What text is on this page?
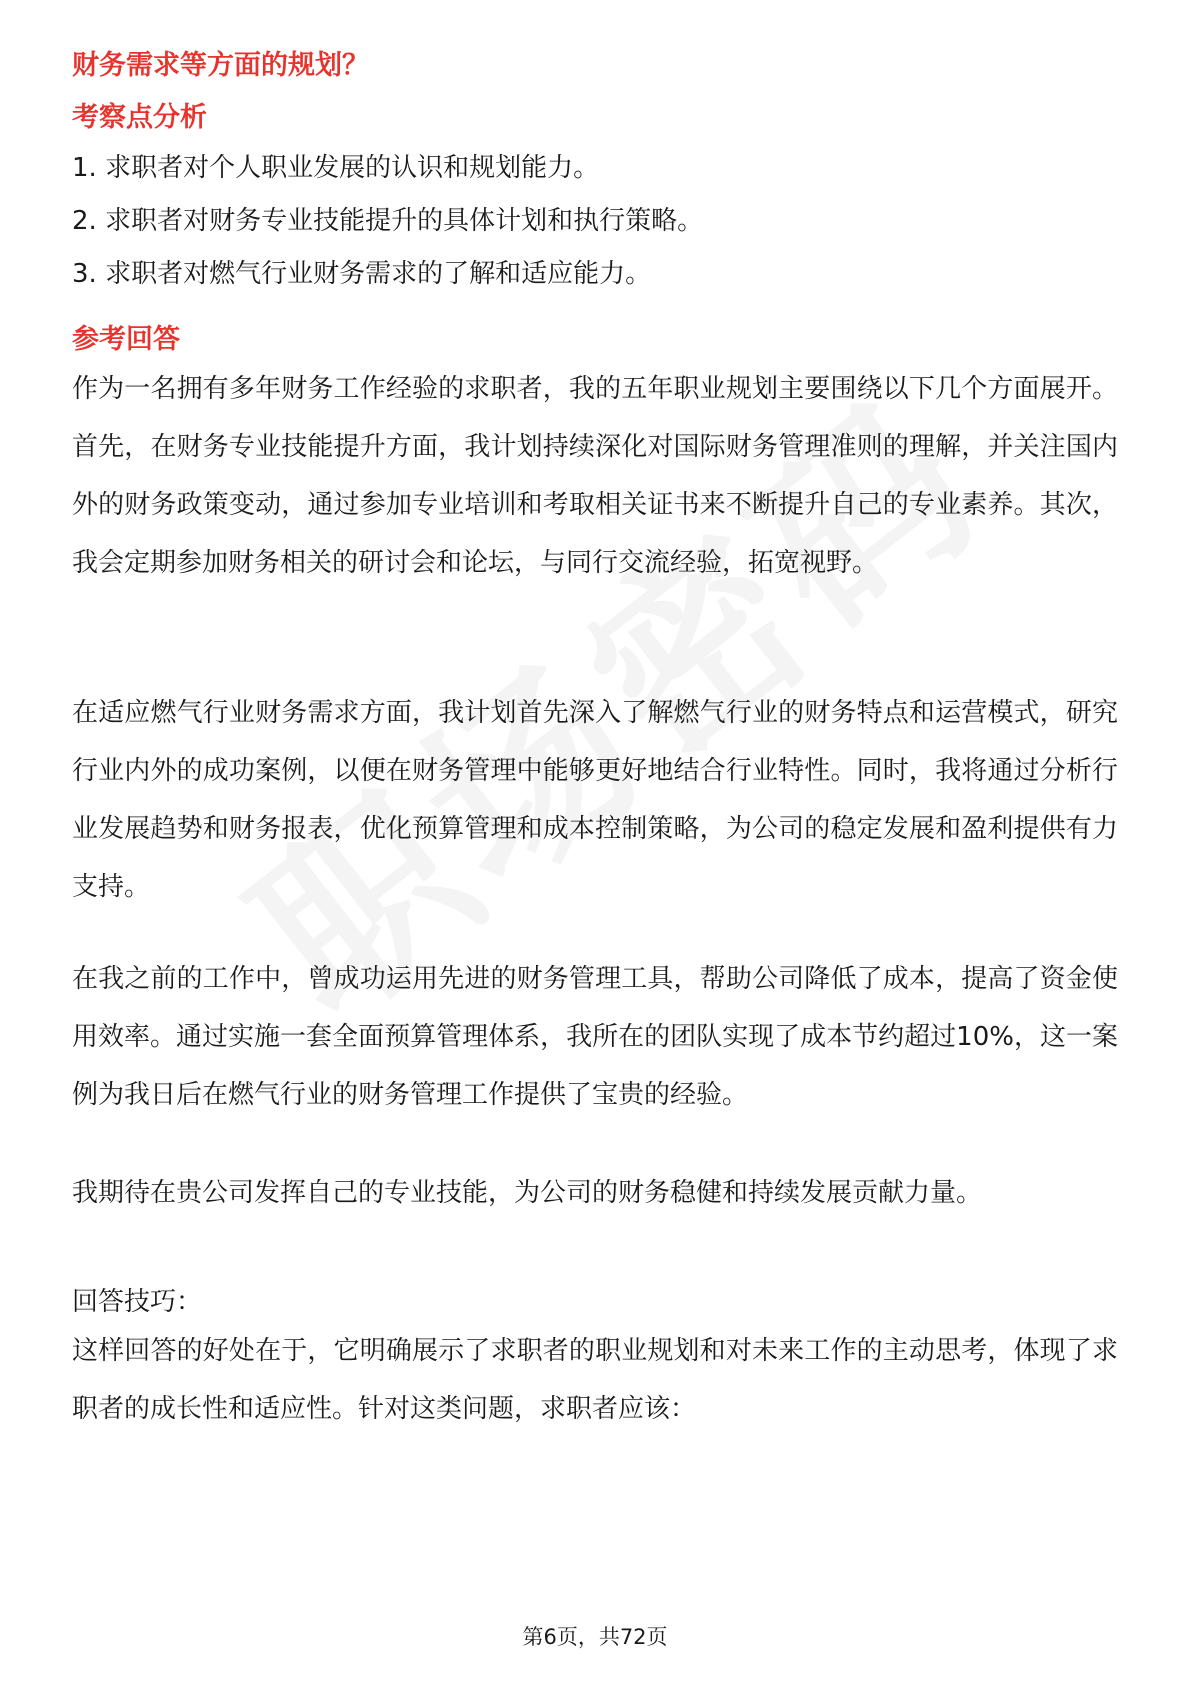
财务需求等方面的规划？

考察点分析

1. 求职者对个人职业发展的认识和规划能力。

2. 求职者对财务专业技能提升的具体计划和执行策略。

3. 求职者对燃气行业财务需求的了解和适应能力。

参考回答

作为一名拥有多年财务工作经验的求职者，我的五年职业规划主要围绕以下几个方面展开。首先，在财务专业技能提升方面，我计划持续深化对国际财务管理准则的理解，并关注国内外的财务政策变动，通过参加专业培训和考取相关证书来不断提升自己的专业素养。其次，我会定期参加财务相关的研讨会和论坛，与同行交流经验，拓宽视野。

在适应燃气行业财务需求方面，我计划首先深入了解燃气行业的财务特点和运营模式，研究行业内外的成功案例，以便在财务管理中能够更好地结合行业特性。同时，我将通过分析行业发展趋势和财务报表，优化预算管理和成本控制策略，为公司的稳定发展和盈利提供有力支持。

在我之前的工作中，曾成功运用先进的财务管理工具，帮助公司降低了成本，提高了资金使用效率。通过实施一套全面预算管理体系，我所在的团队实现了成本节约超过10%，这一案例为我日后在燃气行业的财务管理工作提供了宝贵的经验。

我期待在贵公司发挥自己的专业技能，为公司的财务稳健和持续发展贡献力量。

回答技巧：

这样回答的好处在于，它明确展示了求职者的职业规划和对未来工作的主动思考，体现了求职者的成长性和适应性。针对这类问题，求职者应该：

第6页，共72页
